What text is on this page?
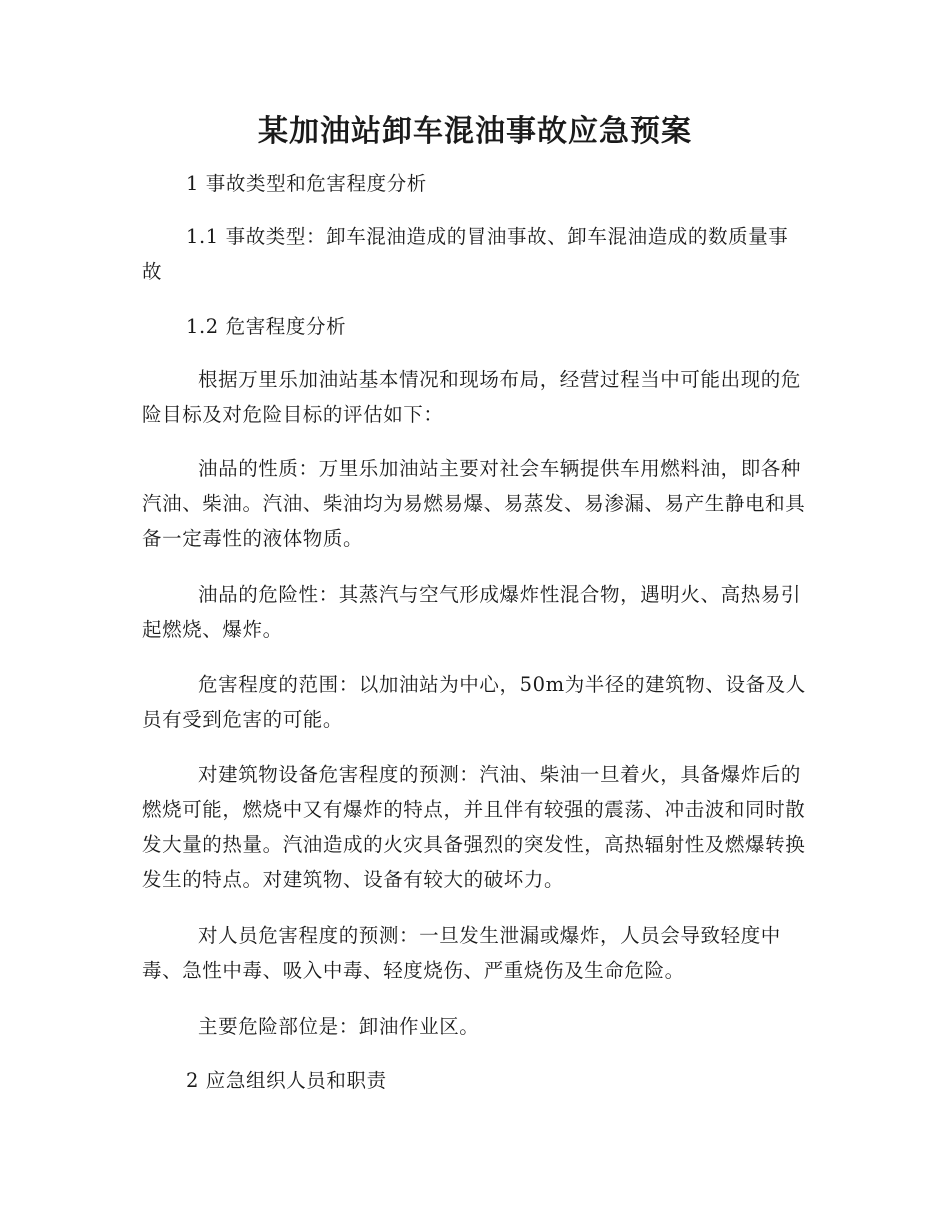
某加油站卸车混油事故应急预案

1 事故类型和危害程度分析

1.1 事故类型：卸车混油造成的冒油事故、卸车混油造成的数质量事故

1.2 危害程度分析

根据万里乐加油站基本情况和现场布局，经营过程当中可能出现的危险目标及对危险目标的评估如下：

油品的性质：万里乐加油站主要对社会车辆提供车用燃料油，即各种汽油、柴油。汽油、柴油均为易燃易爆、易蒸发、易渗漏、易产生静电和具备一定毒性的液体物质。

油品的危险性：其蒸汽与空气形成爆炸性混合物，遇明火、高热易引起燃烧、爆炸。

危害程度的范围：以加油站为中心，50m为半径的建筑物、设备及人员有受到危害的可能。

对建筑物设备危害程度的预测：汽油、柴油一旦着火，具备爆炸后的燃烧可能，燃烧中又有爆炸的特点，并且伴有较强的震荡、冲击波和同时散发大量的热量。汽油造成的火灾具备强烈的突发性，高热辐射性及燃爆转换发生的特点。对建筑物、设备有较大的破坏力。

对人员危害程度的预测：一旦发生泄漏或爆炸，人员会导致轻度中毒、急性中毒、吸入中毒、轻度烧伤、严重烧伤及生命危险。

主要危险部位是：卸油作业区。

2 应急组织人员和职责
